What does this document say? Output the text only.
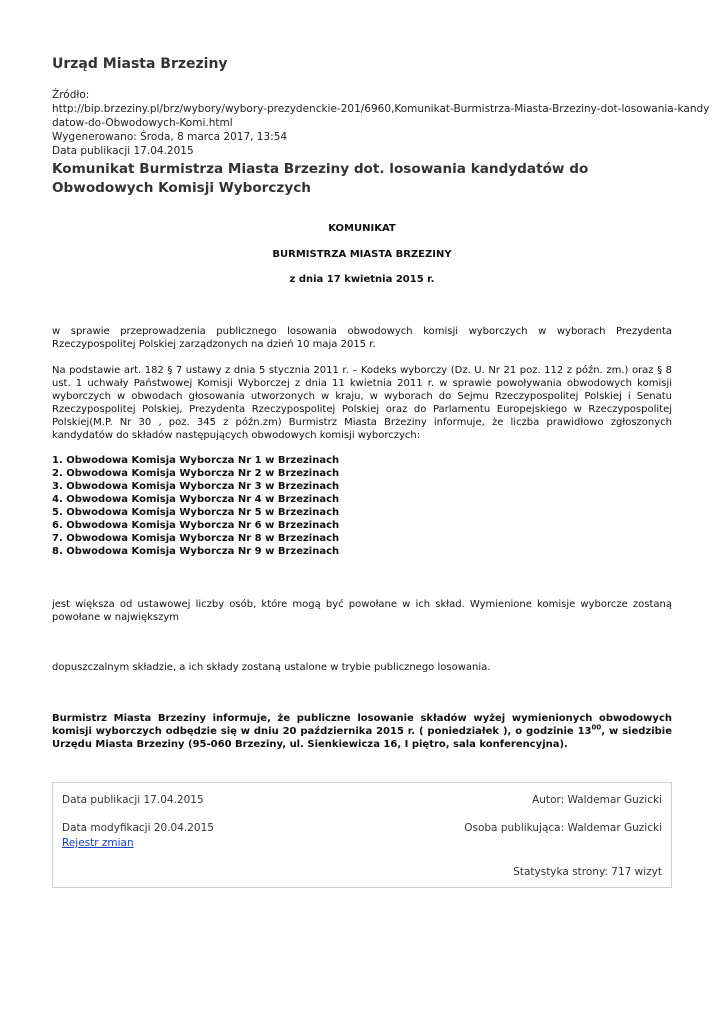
Urząd Miasta Brzeziny
Źródło:
http://bip.brzeziny.pl/brz/wybory/wybory-prezydenckie-201/6960,Komunikat-Burmistrza-Miasta-Brzeziny-dot-losowania-kandy
datow-do-Obwodowych-Komi.html
Wygenerowano: Środa, 8 marca 2017, 13:54
Data publikacji 17.04.2015
Komunikat Burmistrza Miasta Brzeziny dot. losowania kandydatów do Obwodowych Komisji Wyborczych
KOMUNIKAT
BURMISTRZA MIASTA BRZEZINY
z dnia 17 kwietnia 2015 r.
w sprawie przeprowadzenia publicznego losowania obwodowych komisji wyborczych w wyborach Prezydenta Rzeczypospolitej Polskiej zarządzonych na dzień 10 maja 2015 r.
Na podstawie art. 182 § 7 ustawy z dnia 5 stycznia 2011 r. – Kodeks wyborczy (Dz. U. Nr 21 poz. 112 z późn. zm.) oraz § 8 ust. 1 uchwały Państwowej Komisji Wyborczej z dnia 11 kwietnia 2011 r. w sprawie powoływania obwodowych komisji wyborczych w obwodach głosowania utworzonych w kraju, w wyborach do Sejmu Rzeczypospolitej Polskiej i Senatu Rzeczypospolitej Polskiej, Prezydenta Rzeczypospolitej Polskiej oraz do Parlamentu Europejskiego w Rzeczypospolitej Polskiej(M.P. Nr 30 , poz. 345 z późn.zm) Burmistrz Miasta Brzeziny informuje, że liczba prawidłowo zgłoszonych kandydatów do składów następujących obwodowych komisji wyborczych:
1. Obwodowa Komisja Wyborcza Nr 1 w Brzezinach
2. Obwodowa Komisja Wyborcza Nr 2 w Brzezinach
3. Obwodowa Komisja Wyborcza Nr 3 w Brzezinach
4. Obwodowa Komisja Wyborcza Nr 4 w Brzezinach
5. Obwodowa Komisja Wyborcza Nr 5 w Brzezinach
6. Obwodowa Komisja Wyborcza Nr 6 w Brzezinach
7. Obwodowa Komisja Wyborcza Nr 8 w Brzezinach
8. Obwodowa Komisja Wyborcza Nr 9 w Brzezinach
jest większa od ustawowej liczby osób, które mogą być powołane w ich skład. Wymienione komisje wyborcze zostaną powołane w największym
dopuszczalnym składzie, a ich składy zostaną ustalone w trybie publicznego losowania.
Burmistrz Miasta Brzeziny informuje, że publiczne losowanie składów wyżej wymienionych obwodowych komisji wyborczych odbędzie się w dniu 20 października 2015 r. ( poniedziałek ), o godzinie $13^{00}$, w siedzibie Urzędu Miasta Brzeziny (95-060 Brzeziny, ul. Sienkiewicza 16, I piętro, sala konferencyjna).
Data publikacji 17.04.2015	Autor: Waldemar Guzicki
Data modyfikacji 20.04.2015	Osoba publikująca: Waldemar Guzicki
Rejestr zmian
Statystyka strony: 717 wizyt
